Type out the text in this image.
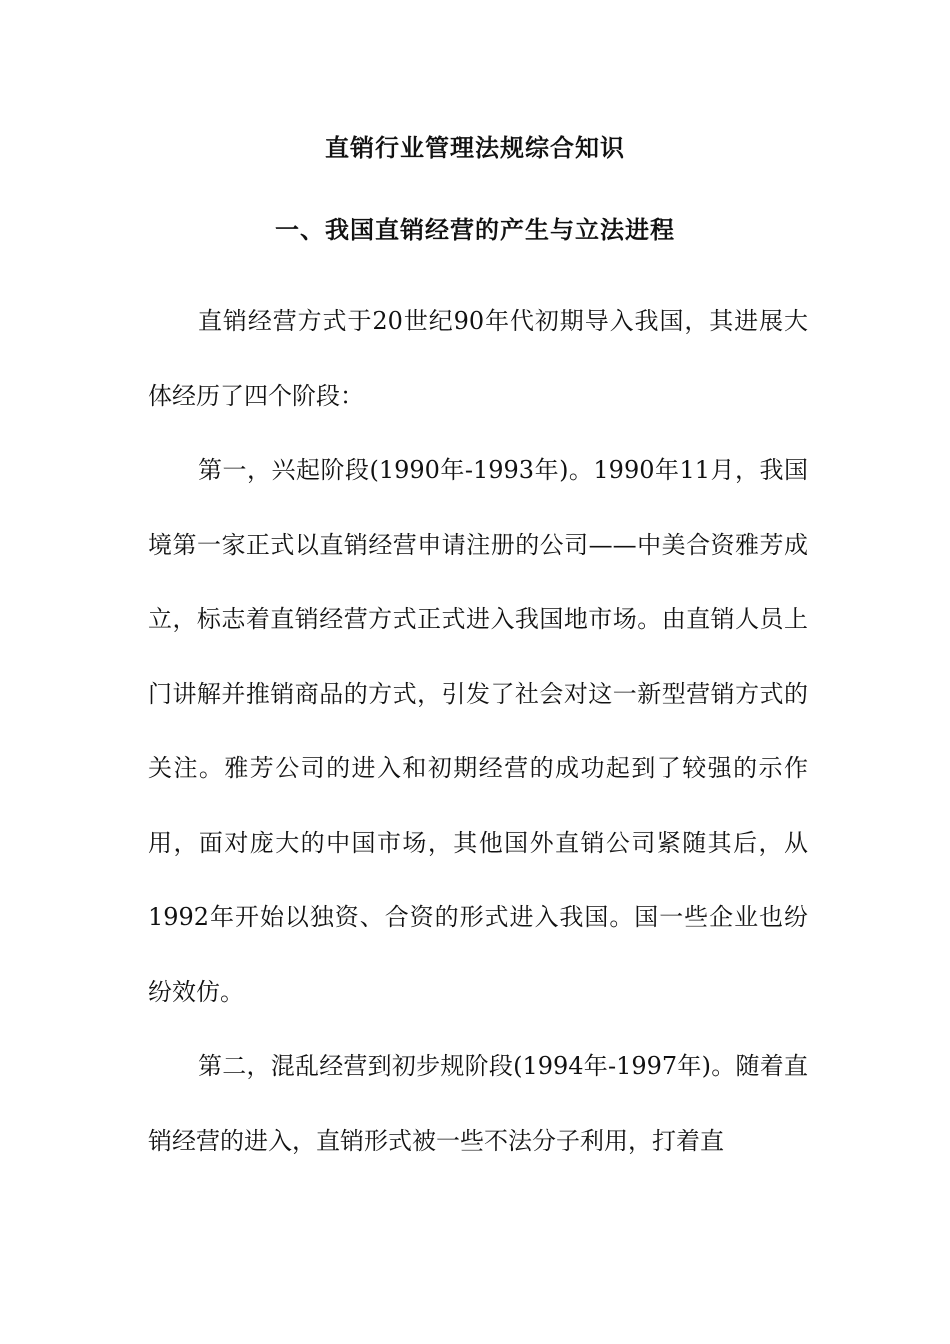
直销行业管理法规综合知识
一、我国直销经营的产生与立法进程

直销经营方式于20世纪90年代初期导入我国，其进展大体经历了四个阶段：

第一，兴起阶段(1990年-1993年)。1990年11月，我国境第一家正式以直销经营申请注册的公司——中美合资雅芳成立，标志着直销经营方式正式进入我国地市场。由直销人员上门讲解并推销商品的方式，引发了社会对这一新型营销方式的关注。雅芳公司的进入和初期经营的成功起到了较强的示作用，面对庞大的中国市场，其他国外直销公司紧随其后，从1992年开始以独资、合资的形式进入我国。国一些企业也纷纷效仿。

第二，混乱经营到初步规阶段(1994年-1997年)。随着直销经营的进入，直销形式被一些不法分子利用，打着直
